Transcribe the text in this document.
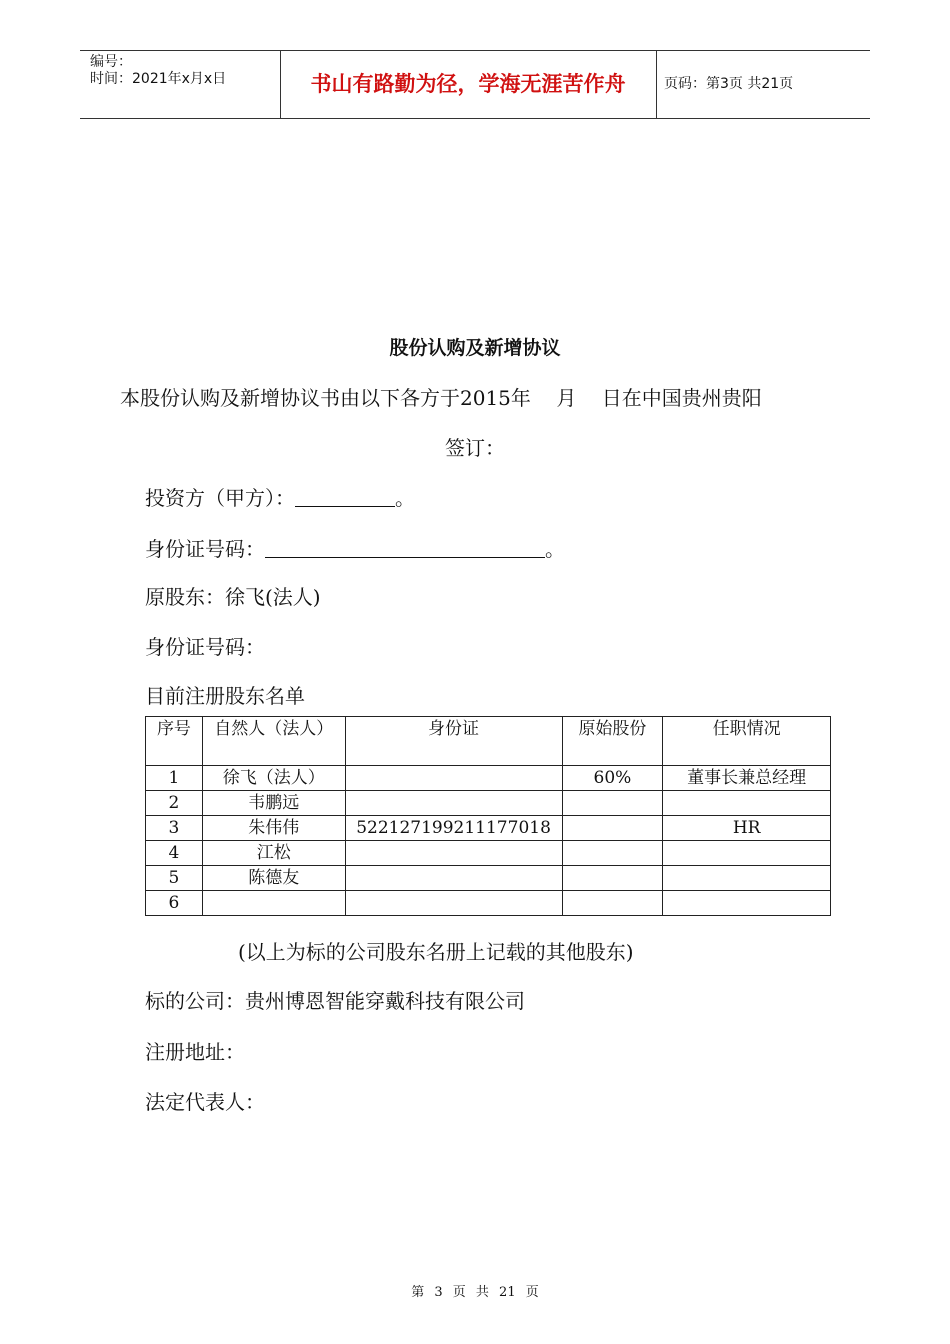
编号：
时间：2021年x月x日	书山有路勤为径，学海无涯苦作舟	页码：第3页 共21页
股份认购及新增协议
本股份认购及新增协议书由以下各方于2015年    月    日在中国贵州贵阳
签订：
投资方（甲方）：	。
身份证号码：	。
原股东：徐飞(法人)
身份证号码：
目前注册股东名单
序号	自然人（法人）	身份证	原始股份	任职情况
1	徐飞（法人）		60%	董事长兼总经理
2	韦鹏远			
3	朱伟伟	522127199211177018		HR
4	江松			
5	陈德友			
6				
(以上为标的公司股东名册上记载的其他股东)
标的公司：贵州博恩智能穿戴科技有限公司
注册地址：
法定代表人：
第 3 页 共 21 页
